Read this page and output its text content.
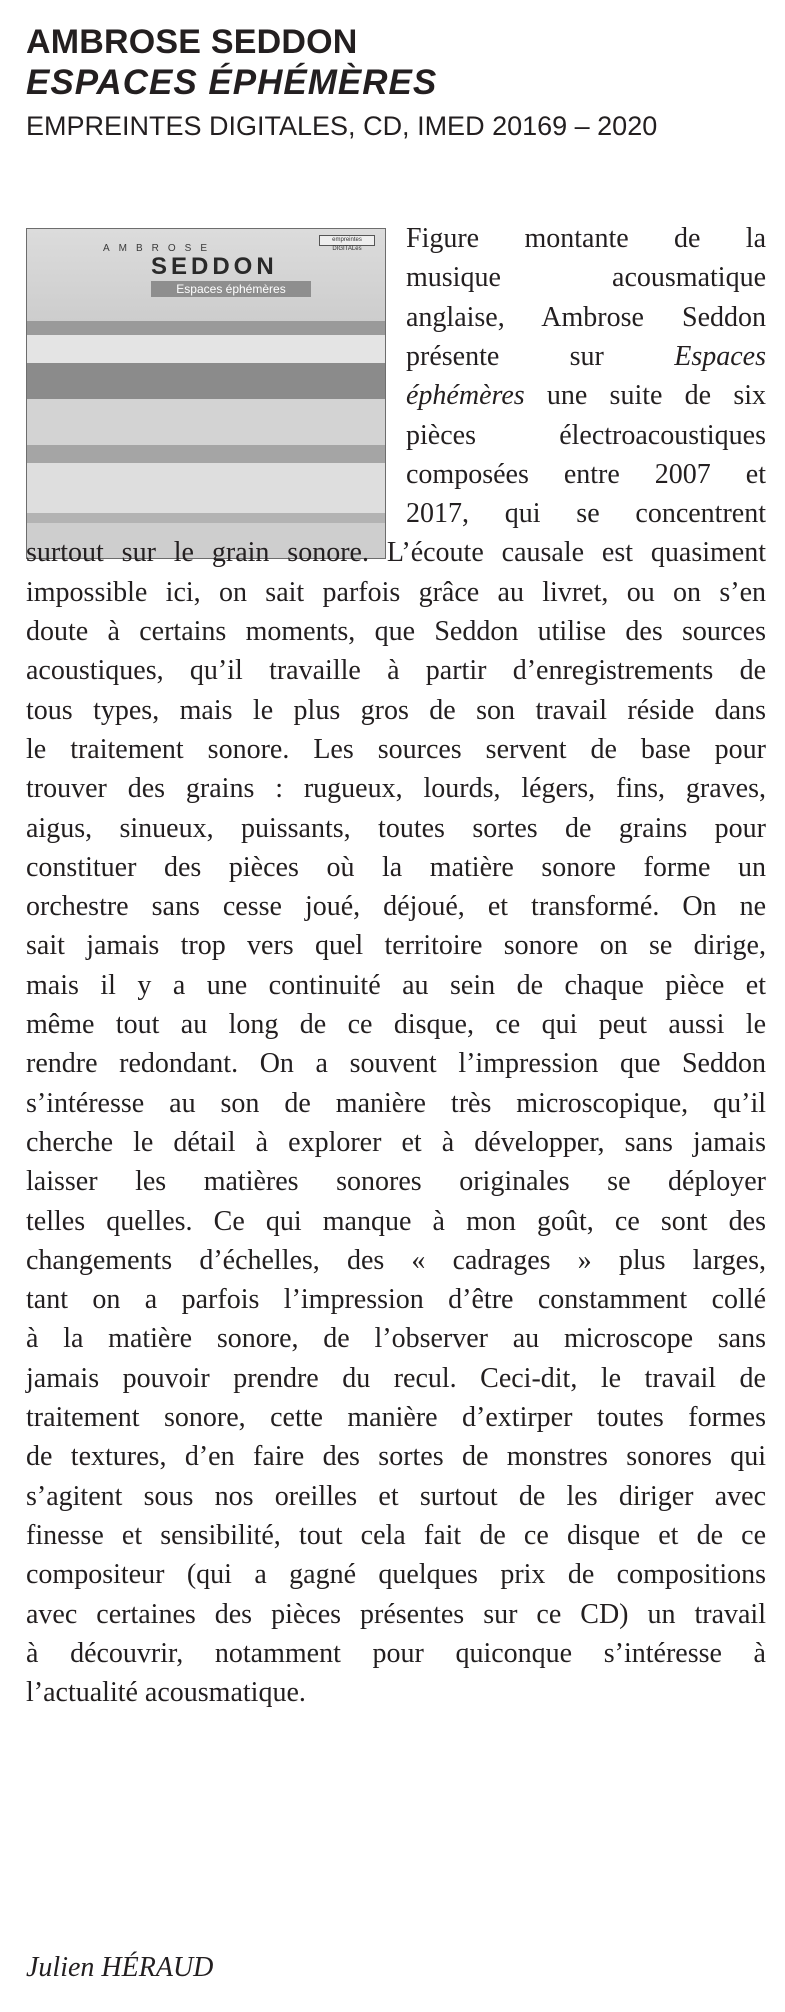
AMBROSE SEDDON
ESPACES ÉPHÉMÈRES

EMPREINTES DIGITALES, CD, IMED 20169 – 2020

empreintes DIGITALes
AMBROSE
SEDDON
Espaces éphémères
Figure montante de la
musique acousmatique
anglaise, Ambrose Seddon
présente sur Espaces
éphémères une suite de six
pièces électroacoustiques
composées entre 2007 et
2017, qui se concentrent
surtout sur le grain sonore. L’écoute causale est quasiment
impossible ici, on sait parfois grâce au livret, ou on s’en
doute à certains moments, que Seddon utilise des sources
acoustiques, qu’il travaille à partir d’enregistrements de
tous types, mais le plus gros de son travail réside dans
le traitement sonore. Les sources servent de base pour
trouver des grains : rugueux, lourds, légers, fins, graves,
aigus, sinueux, puissants, toutes sortes de grains pour
constituer des pièces où la matière sonore forme un
orchestre sans cesse joué, déjoué, et transformé. On ne
sait jamais trop vers quel territoire sonore on se dirige,
mais il y a une continuité au sein de chaque pièce et
même tout au long de ce disque, ce qui peut aussi le
rendre redondant. On a souvent l’impression que Seddon
s’intéresse au son de manière très microscopique, qu’il
cherche le détail à explorer et à développer, sans jamais
laisser les matières sonores originales se déployer
telles quelles. Ce qui manque à mon goût, ce sont des
changements d’échelles, des « cadrages » plus larges,
tant on a parfois l’impression d’être constamment collé
à la matière sonore, de l’observer au microscope sans
jamais pouvoir prendre du recul. Ceci-dit, le travail de
traitement sonore, cette manière d’extirper toutes formes
de textures, d’en faire des sortes de monstres sonores qui
s’agitent sous nos oreilles et surtout de les diriger avec
finesse et sensibilité, tout cela fait de ce disque et de ce
compositeur (qui a gagné quelques prix de compositions
avec certaines des pièces présentes sur ce CD) un travail
à découvrir, notamment pour quiconque s’intéresse à
l’actualité acousmatique.
Julien HÉRAUD
